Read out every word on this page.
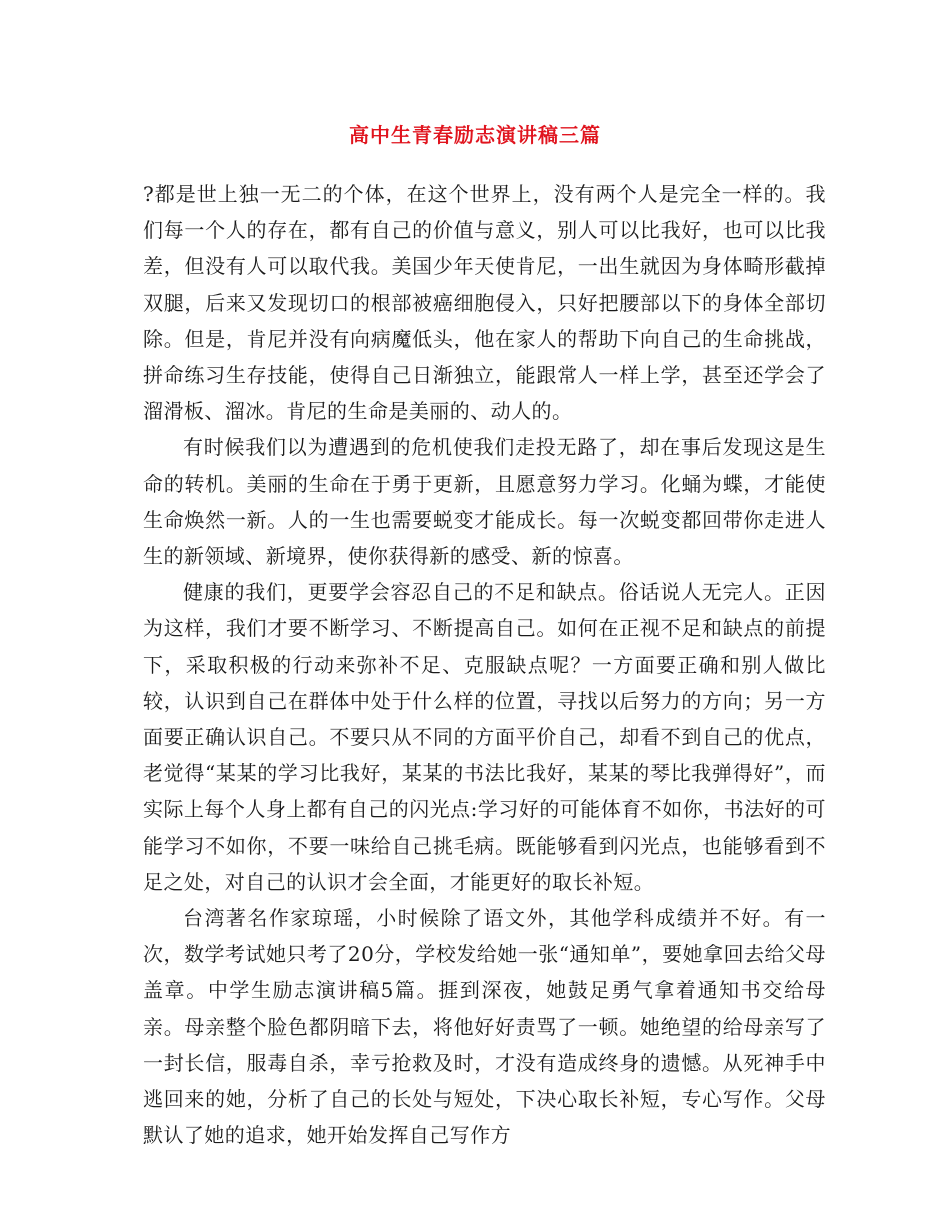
高中生青春励志演讲稿三篇

?都是世上独一无二的个体，在这个世界上，没有两个人是完全一样的。我们每一个人的存在，都有自己的价值与意义，别人可以比我好，也可以比我差，但没有人可以取代我。美国少年天使肯尼，一出生就因为身体畸形截掉双腿，后来又发现切口的根部被癌细胞侵入，只好把腰部以下的身体全部切除。但是，肯尼并没有向病魔低头，他在家人的帮助下向自己的生命挑战，拼命练习生存技能，使得自己日渐独立，能跟常人一样上学，甚至还学会了溜滑板、溜冰。肯尼的生命是美丽的、动人的。

有时候我们以为遭遇到的危机使我们走投无路了，却在事后发现这是生命的转机。美丽的生命在于勇于更新，且愿意努力学习。化蛹为蝶，才能使生命焕然一新。人的一生也需要蜕变才能成长。每一次蜕变都回带你走进人生的新领域、新境界，使你获得新的感受、新的惊喜。

健康的我们，更要学会容忍自己的不足和缺点。俗话说人无完人。正因为这样，我们才要不断学习、不断提高自己。如何在正视不足和缺点的前提下，采取积极的行动来弥补不足、克服缺点呢？一方面要正确和别人做比较，认识到自己在群体中处于什么样的位置，寻找以后努力的方向；另一方面要正确认识自己。不要只从不同的方面平价自己，却看不到自己的优点，老觉得“某某的学习比我好，某某的书法比我好，某某的琴比我弹得好”，而实际上每个人身上都有自己的闪光点:学习好的可能体育不如你，书法好的可能学习不如你，不要一味给自己挑毛病。既能够看到闪光点，也能够看到不足之处，对自己的认识才会全面，才能更好的取长补短。

台湾著名作家琼瑶，小时候除了语文外，其他学科成绩并不好。有一次，数学考试她只考了20分，学校发给她一张“通知单”，要她拿回去给父母盖章。中学生励志演讲稿5篇。捱到深夜，她鼓足勇气拿着通知书交给母亲。母亲整个脸色都阴暗下去，将他好好责骂了一顿。她绝望的给母亲写了一封长信，服毒自杀，幸亏抢救及时，才没有造成终身的遗憾。从死神手中逃回来的她，分析了自己的长处与短处，下决心取长补短，专心写作。父母默认了她的追求，她开始发挥自己写作方
